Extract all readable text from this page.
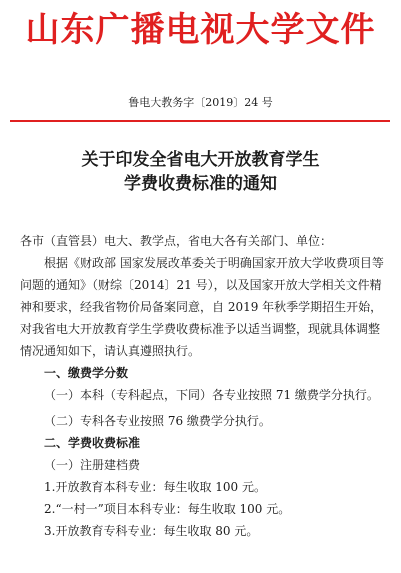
山东广播电视大学文件
鲁电大教务字〔2019〕24 号
关于印发全省电大开放教育学生
学费收费标准的通知

各市（直管县）电大、教学点，省电大各有关部门、单位：

根据《财政部 国家发展改革委关于明确国家开放大学收费项目等问题的通知》（财综〔2014〕21 号），以及国家开放大学相关文件精神和要求，经我省物价局备案同意，自 2019 年秋季学期招生开始，对我省电大开放教育学生学费收费标准予以适当调整，现就具体调整情况通知如下，请认真遵照执行。

一、缴费学分数

（一）本科（专科起点，下同）各专业按照 71 缴费学分执行。

（二）专科各专业按照 76 缴费学分执行。

二、学费收费标准

（一）注册建档费

1.开放教育本科专业：每生收取 100 元。

2.“一村一”项目本科专业：每生收取 100 元。

3.开放教育专科专业：每生收取 80 元。
